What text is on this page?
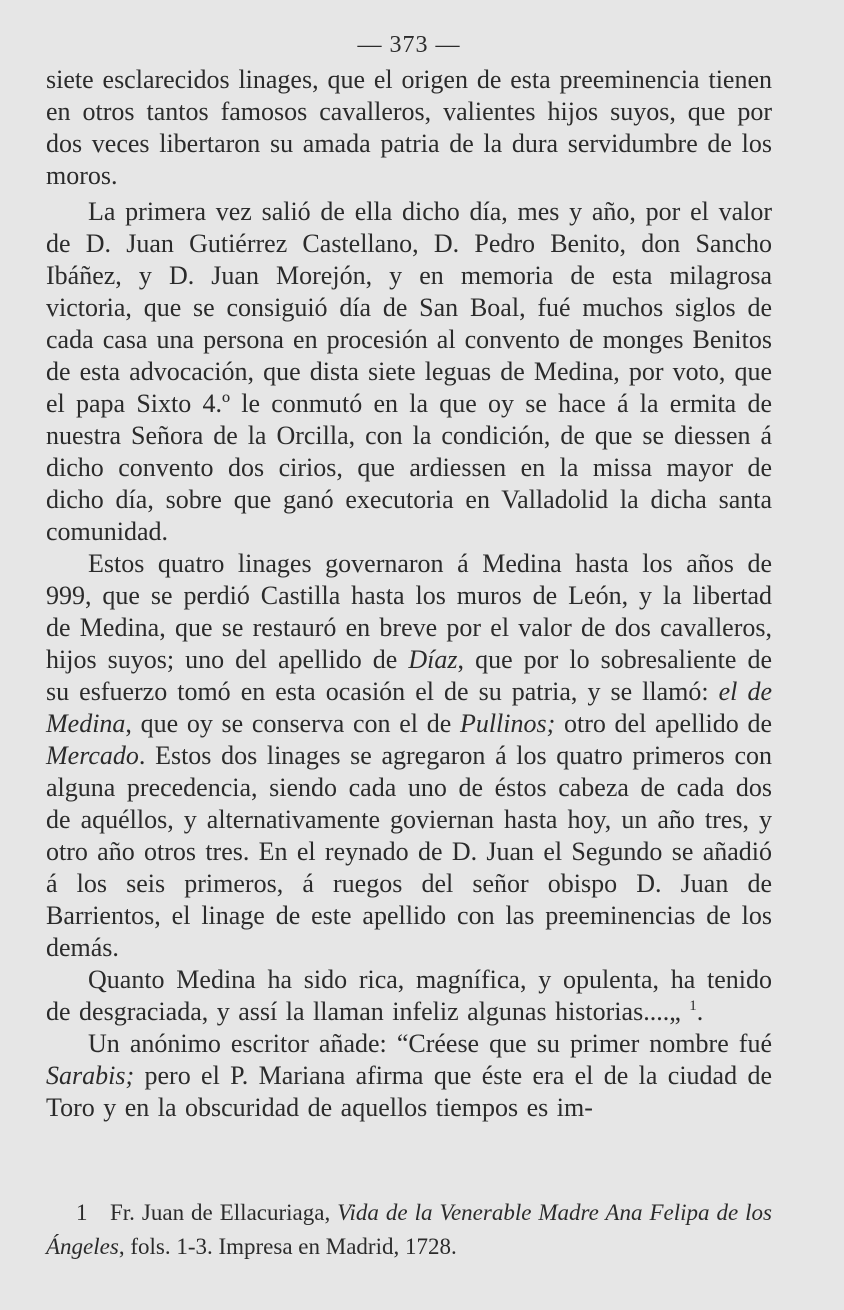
— 373 —

siete esclarecidos linages, que el origen de esta preeminencia tienen en otros tantos famosos cavalleros, valientes hijos suyos, que por dos veces libertaron su amada patria de la dura servidumbre de los moros.

La primera vez salió de ella dicho día, mes y año, por el valor de D. Juan Gutiérrez Castellano, D. Pedro Benito, don Sancho Ibáñez, y D. Juan Morejón, y en memoria de esta milagrosa victoria, que se consiguió día de San Boal, fué muchos siglos de cada casa una persona en procesión al convento de monges Benitos de esta advocación, que dista siete leguas de Medina, por voto, que el papa Sixto 4.º le conmutó en la que oy se hace á la ermita de nuestra Señora de la Orcilla, con la condición, de que se diessen á dicho convento dos cirios, que ardiessen en la missa mayor de dicho día, sobre que ganó executoria en Valladolid la dicha santa comunidad.

Estos quatro linages governaron á Medina hasta los años de 999, que se perdió Castilla hasta los muros de León, y la libertad de Medina, que se restauró en breve por el valor de dos cavalleros, hijos suyos; uno del apellido de Díaz, que por lo sobresaliente de su esfuerzo tomó en esta ocasión el de su patria, y se llamó: el de Medina, que oy se conserva con el de Pullinos; otro del apellido de Mercado. Estos dos linages se agregaron á los quatro primeros con alguna precedencia, siendo cada uno de éstos cabeza de cada dos de aquéllos, y alternativamente goviernan hasta hoy, un año tres, y otro año otros tres. En el reynado de D. Juan el Segundo se añadió á los seis primeros, á ruegos del señor obispo D. Juan de Barrientos, el linage de este apellido con las preeminencias de los demás.

Quanto Medina ha sido rica, magnífica, y opulenta, ha tenido de desgraciada, y assí la llaman infeliz algunas historias....„ $^1$.

Un anónimo escritor añade: “Créese que su primer nombre fué Sarabis; pero el P. Mariana afirma que éste era el de la ciudad de Toro y en la obscuridad de aquellos tiempos es im-

1 Fr. Juan de Ellacuriaga, Vida de la Venerable Madre Ana Felipa de los Ángeles, fols. 1-3. Impresa en Madrid, 1728.
